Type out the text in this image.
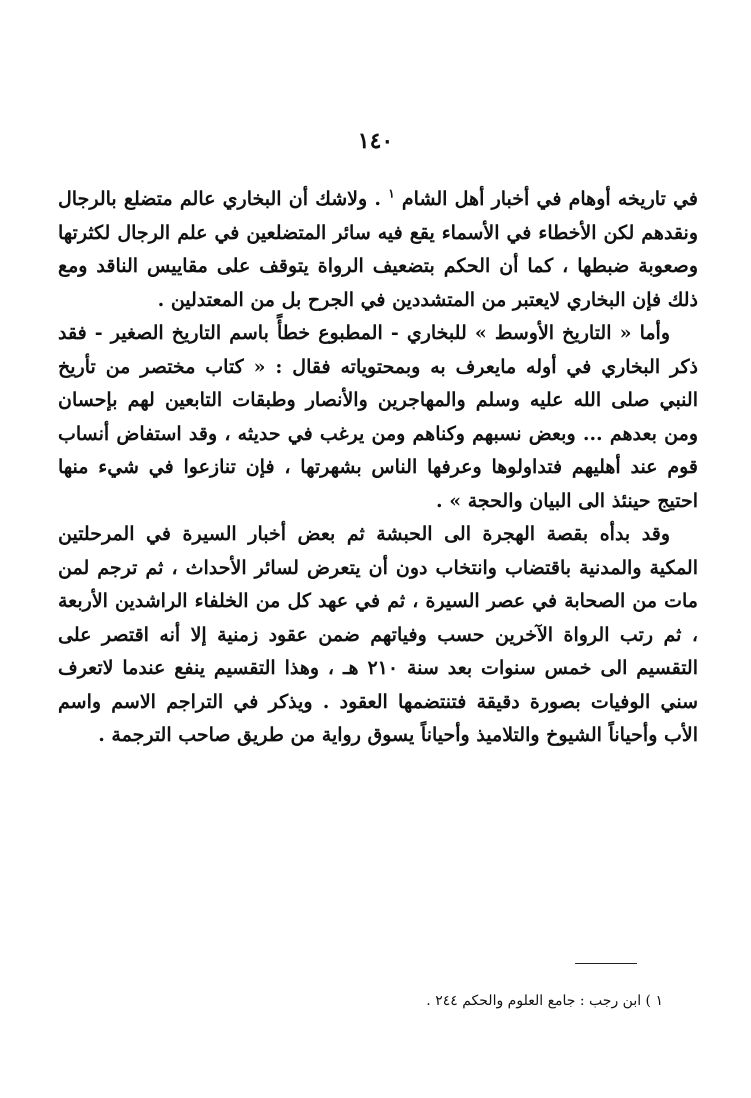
١٤٠

في تاريخه أوهام في أخبار أهل الشام $^١$ . ولاشك أن البخاري عالم متضلع بالرجال ونقدهم لكن الأخطاء في الأسماء يقع فيه سائر المتضلعين في علم الرجال لكثرتها وصعوبة ضبطها ، كما أن الحكم بتضعيف الرواة يتوقف على مقاييس الناقد ومع ذلك فإن البخاري لايعتبر من المتشددين في الجرح بل من المعتدلين .

وأما « التاريخ الأوسط » للبخاري - المطبوع خطأً باسم التاريخ الصغير - فقد ذكر البخاري في أوله مايعرف به وبمحتوياته فقال : « كتاب مختصر من تأريخ النبي صلى الله عليه وسلم والمهاجرين والأنصار وطبقات التابعين لهم بإحسان ومن بعدهم ... وبعض نسبهم وكناهم ومن يرغب في حديثه ، وقد استفاض أنساب قوم عند أهليهم فتداولوها وعرفها الناس بشهرتها ، فإن تنازعوا في شيء منها احتيج حينئذ الى البيان والحجة » .

وقد بدأه بقصة الهجرة الى الحبشة ثم بعض أخبار السيرة في المرحلتين المكية والمدنية باقتضاب وانتخاب دون أن يتعرض لسائر الأحداث ، ثم ترجم لمن مات من الصحابة في عصر السيرة ، ثم في عهد كل من الخلفاء الراشدين الأربعة ، ثم رتب الرواة الآخرين حسب وفياتهم ضمن عقود زمنية إلا أنه اقتصر على التقسيم الى خمس سنوات بعد سنة ٢١٠ هـ ، وهذا التقسيم ينفع عندما لاتعرف سني الوفيات بصورة دقيقة فتنتضمها العقود . ويذكر في التراجم الاسم واسم الأب وأحياناً الشيوخ والتلاميذ وأحياناً يسوق رواية من طريق صاحب الترجمة .

١ ) ابن رجب : جامع العلوم والحكم ٢٤٤ .
